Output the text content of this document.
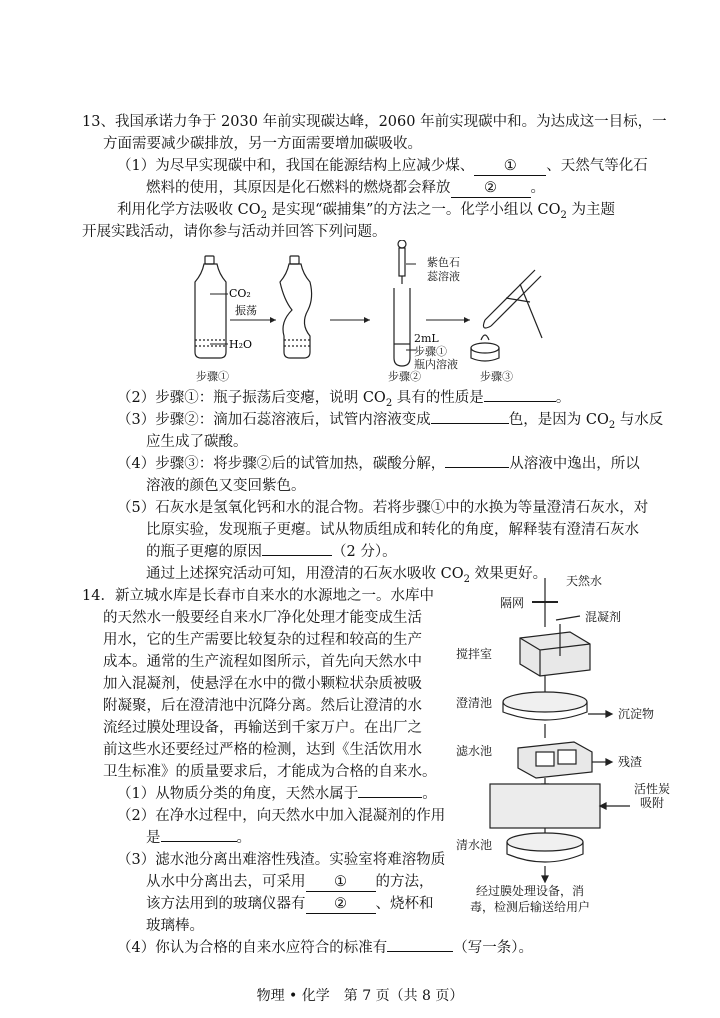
13、我国承诺力争于 2030 年前实现碳达峰，2060 年前实现碳中和。为达成这一目标，一
方面需要减少碳排放，另一方面需要增加碳吸收。
（1）为尽早实现碳中和，我国在能源结构上应减少煤、 ① 、天然气等化石
燃料的使用，其原因是化石燃料的燃烧都会释放 ② 。
利用化学方法吸收 $CO_2$ 是实现“碳捕集”的方法之一。化学小组以 $CO_2$ 为主题
开展实践活动，请你参与活动并回答下列问题。
CO₂
H₂O
振荡
紫色石
蕊溶液
2mL
步骤①
瓶内溶液
步骤①	步骤②	步骤③
（2）步骤①：瓶子振荡后变瘪，说明 $CO_2$ 具有的性质是	。
（3）步骤②：滴加石蕊溶液后，试管内溶液变成	色，是因为 $CO_2$ 与水反
应生成了碳酸。
（4）步骤③：将步骤②后的试管加热，碳酸分解，	从溶液中逸出，所以
溶液的颜色又变回紫色。
（5）石灰水是氢氧化钙和水的混合物。若将步骤①中的水换为等量澄清石灰水，对
比原实验，发现瓶子更瘪。试从物质组成和转化的角度，解释装有澄清石灰水
的瓶子更瘪的原因	（2 分）。
通过上述探究活动可知，用澄清的石灰水吸收 $CO_2$ 效果更好。
14．新立城水库是长春市自来水的水源地之一。水库中
的天然水一般要经自来水厂净化处理才能变成生活
用水，它的生产需要比较复杂的过程和较高的生产
成本。通常的生产流程如图所示，首先向天然水中
加入混凝剂，使悬浮在水中的微小颗粒状杂质被吸
附凝聚，后在澄清池中沉降分离。然后让澄清的水
流经过膜处理设备，再输送到千家万户。在出厂之
前这些水还要经过严格的检测，达到《生活饮用水
卫生标准》的质量要求后，才能成为合格的自来水。
（1）从物质分类的角度，天然水属于	。
（2）在净水过程中，向天然水中加入混凝剂的作用
是	。
（3）滤水池分离出难溶性残渣。实验室将难溶物质
从水中分离出去，可采用 ① 的方法，
该方法用到的玻璃仪器有 ② 、烧杯和
玻璃棒。
（4）你认为合格的自来水应符合的标准有	（写一条）。
天然水
隔网
混凝剂
搅拌室
澄清池
沉淀物
滤水池
残渣
活性炭
吸附
清水池
经过膜处理设备，消
毒，检测后输送给用户
物理 • 化学　第 7 页（共 8 页）
